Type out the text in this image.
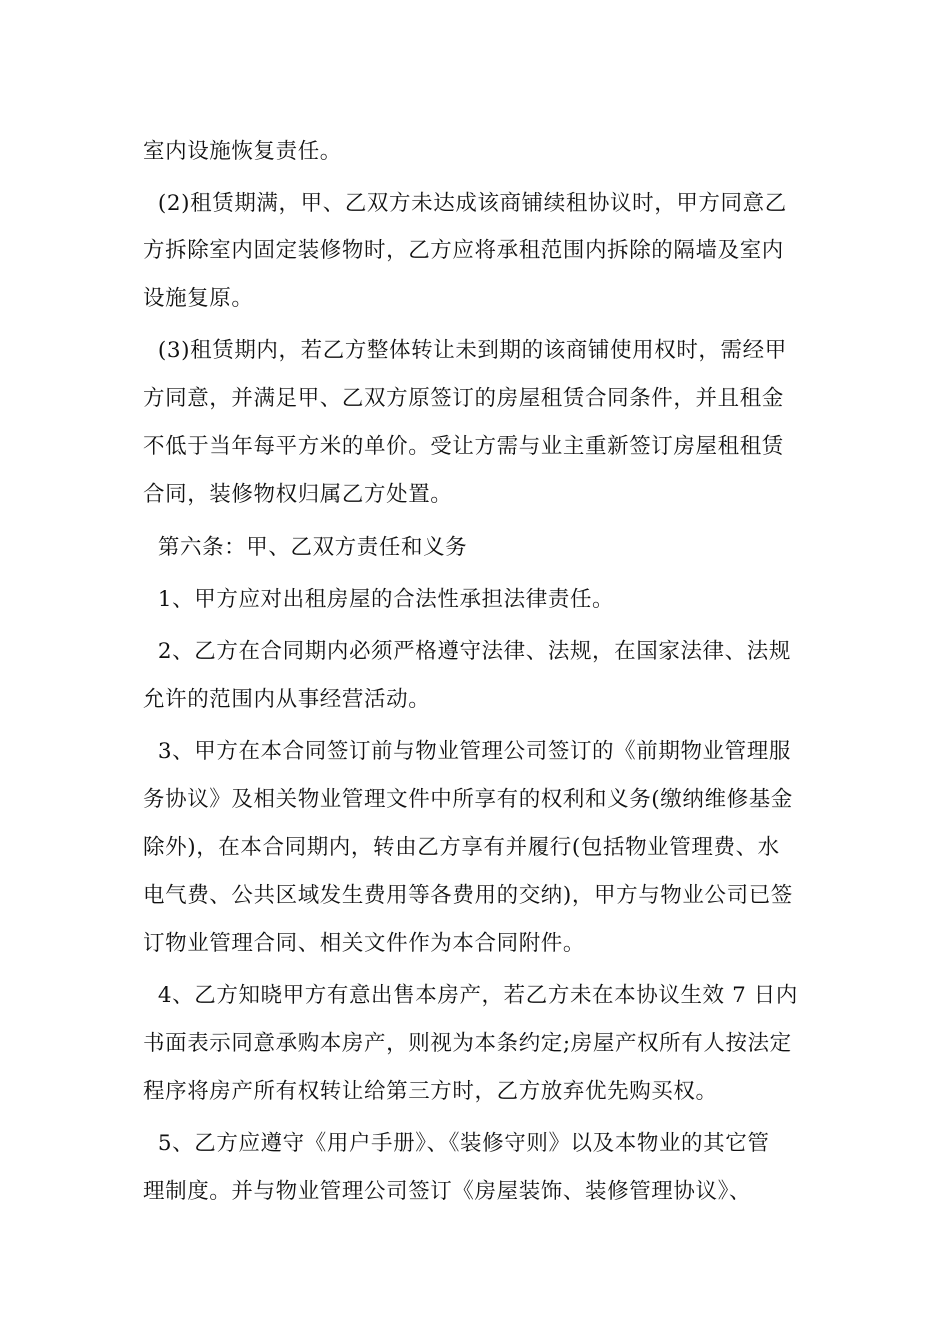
室内设施恢复责任。
(2)租赁期满，甲、乙双方未达成该商铺续租协议时，甲方同意乙
方拆除室内固定装修物时，乙方应将承租范围内拆除的隔墙及室内
设施复原。
(3)租赁期内，若乙方整体转让未到期的该商铺使用权时，需经甲
方同意，并满足甲、乙双方原签订的房屋租赁合同条件，并且租金
不低于当年每平方米的单价。受让方需与业主重新签订房屋租租赁
合同，装修物权归属乙方处置。
第六条：甲、乙双方责任和义务
1、甲方应对出租房屋的合法性承担法律责任。
2、乙方在合同期内必须严格遵守法律、法规，在国家法律、法规
允许的范围内从事经营活动。
3、甲方在本合同签订前与物业管理公司签订的《前期物业管理服
务协议》及相关物业管理文件中所享有的权利和义务(缴纳维修基金
除外)，在本合同期内，转由乙方享有并履行(包括物业管理费、水
电气费、公共区域发生费用等各费用的交纳)，甲方与物业公司已签
订物业管理合同、相关文件作为本合同附件。
4、乙方知晓甲方有意出售本房产，若乙方未在本协议生效 7 日内
书面表示同意承购本房产，则视为本条约定;房屋产权所有人按法定
程序将房产所有权转让给第三方时，乙方放弃优先购买权。
5、乙方应遵守《用户手册》、《装修守则》以及本物业的其它管
理制度。并与物业管理公司签订《房屋装饰、装修管理协议》、
